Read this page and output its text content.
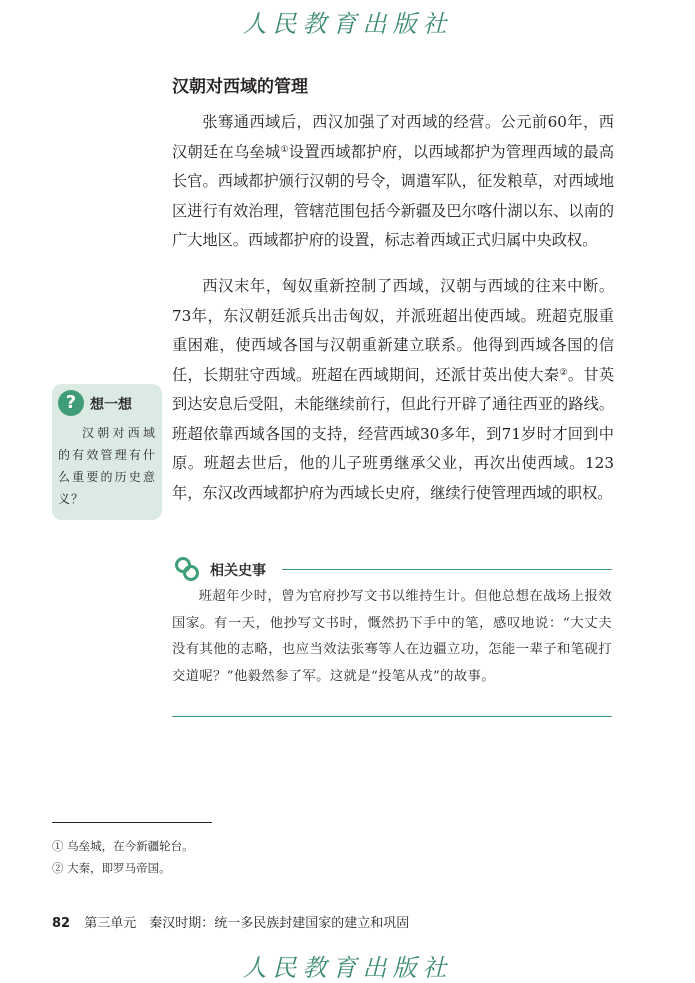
人民教育出版社
汉朝对西域的管理

张骞通西域后，西汉加强了对西域的经营。公元前60年，西汉朝廷在乌垒城①设置西域都护府，以西域都护为管理西域的最高长官。西域都护颁行汉朝的号令，调遣军队，征发粮草，对西域地区进行有效治理，管辖范围包括今新疆及巴尔喀什湖以东、以南的广大地区。西域都护府的设置，标志着西域正式归属中央政权。

西汉末年，匈奴重新控制了西域，汉朝与西域的往来中断。73年，东汉朝廷派兵出击匈奴，并派班超出使西域。班超克服重重困难，使西域各国与汉朝重新建立联系。他得到西域各国的信任，长期驻守西域。班超在西域期间，还派甘英出使大秦②。甘英到达安息后受阻，未能继续前行，但此行开辟了通往西亚的路线。班超依靠西域各国的支持，经营西域30多年，到71岁时才回到中原。班超去世后，他的儿子班勇继承父业，再次出使西域。123年，东汉改西域都护府为西域长史府，继续行使管理西域的职权。

? 想一想

汉朝对西域的有效管理有什么重要的历史意义？

相关史事

班超年少时，曾为官府抄写文书以维持生计。但他总想在战场上报效国家。有一天，他抄写文书时，慨然扔下手中的笔，感叹地说：“大丈夫没有其他的志略，也应当效法张骞等人在边疆立功，怎能一辈子和笔砚打交道呢？”他毅然参了军。这就是“投笔从戎”的故事。

① 乌垒城，在今新疆轮台。

② 大秦，即罗马帝国。

82 第三单元　秦汉时期：统一多民族封建国家的建立和巩固
人民教育出版社
